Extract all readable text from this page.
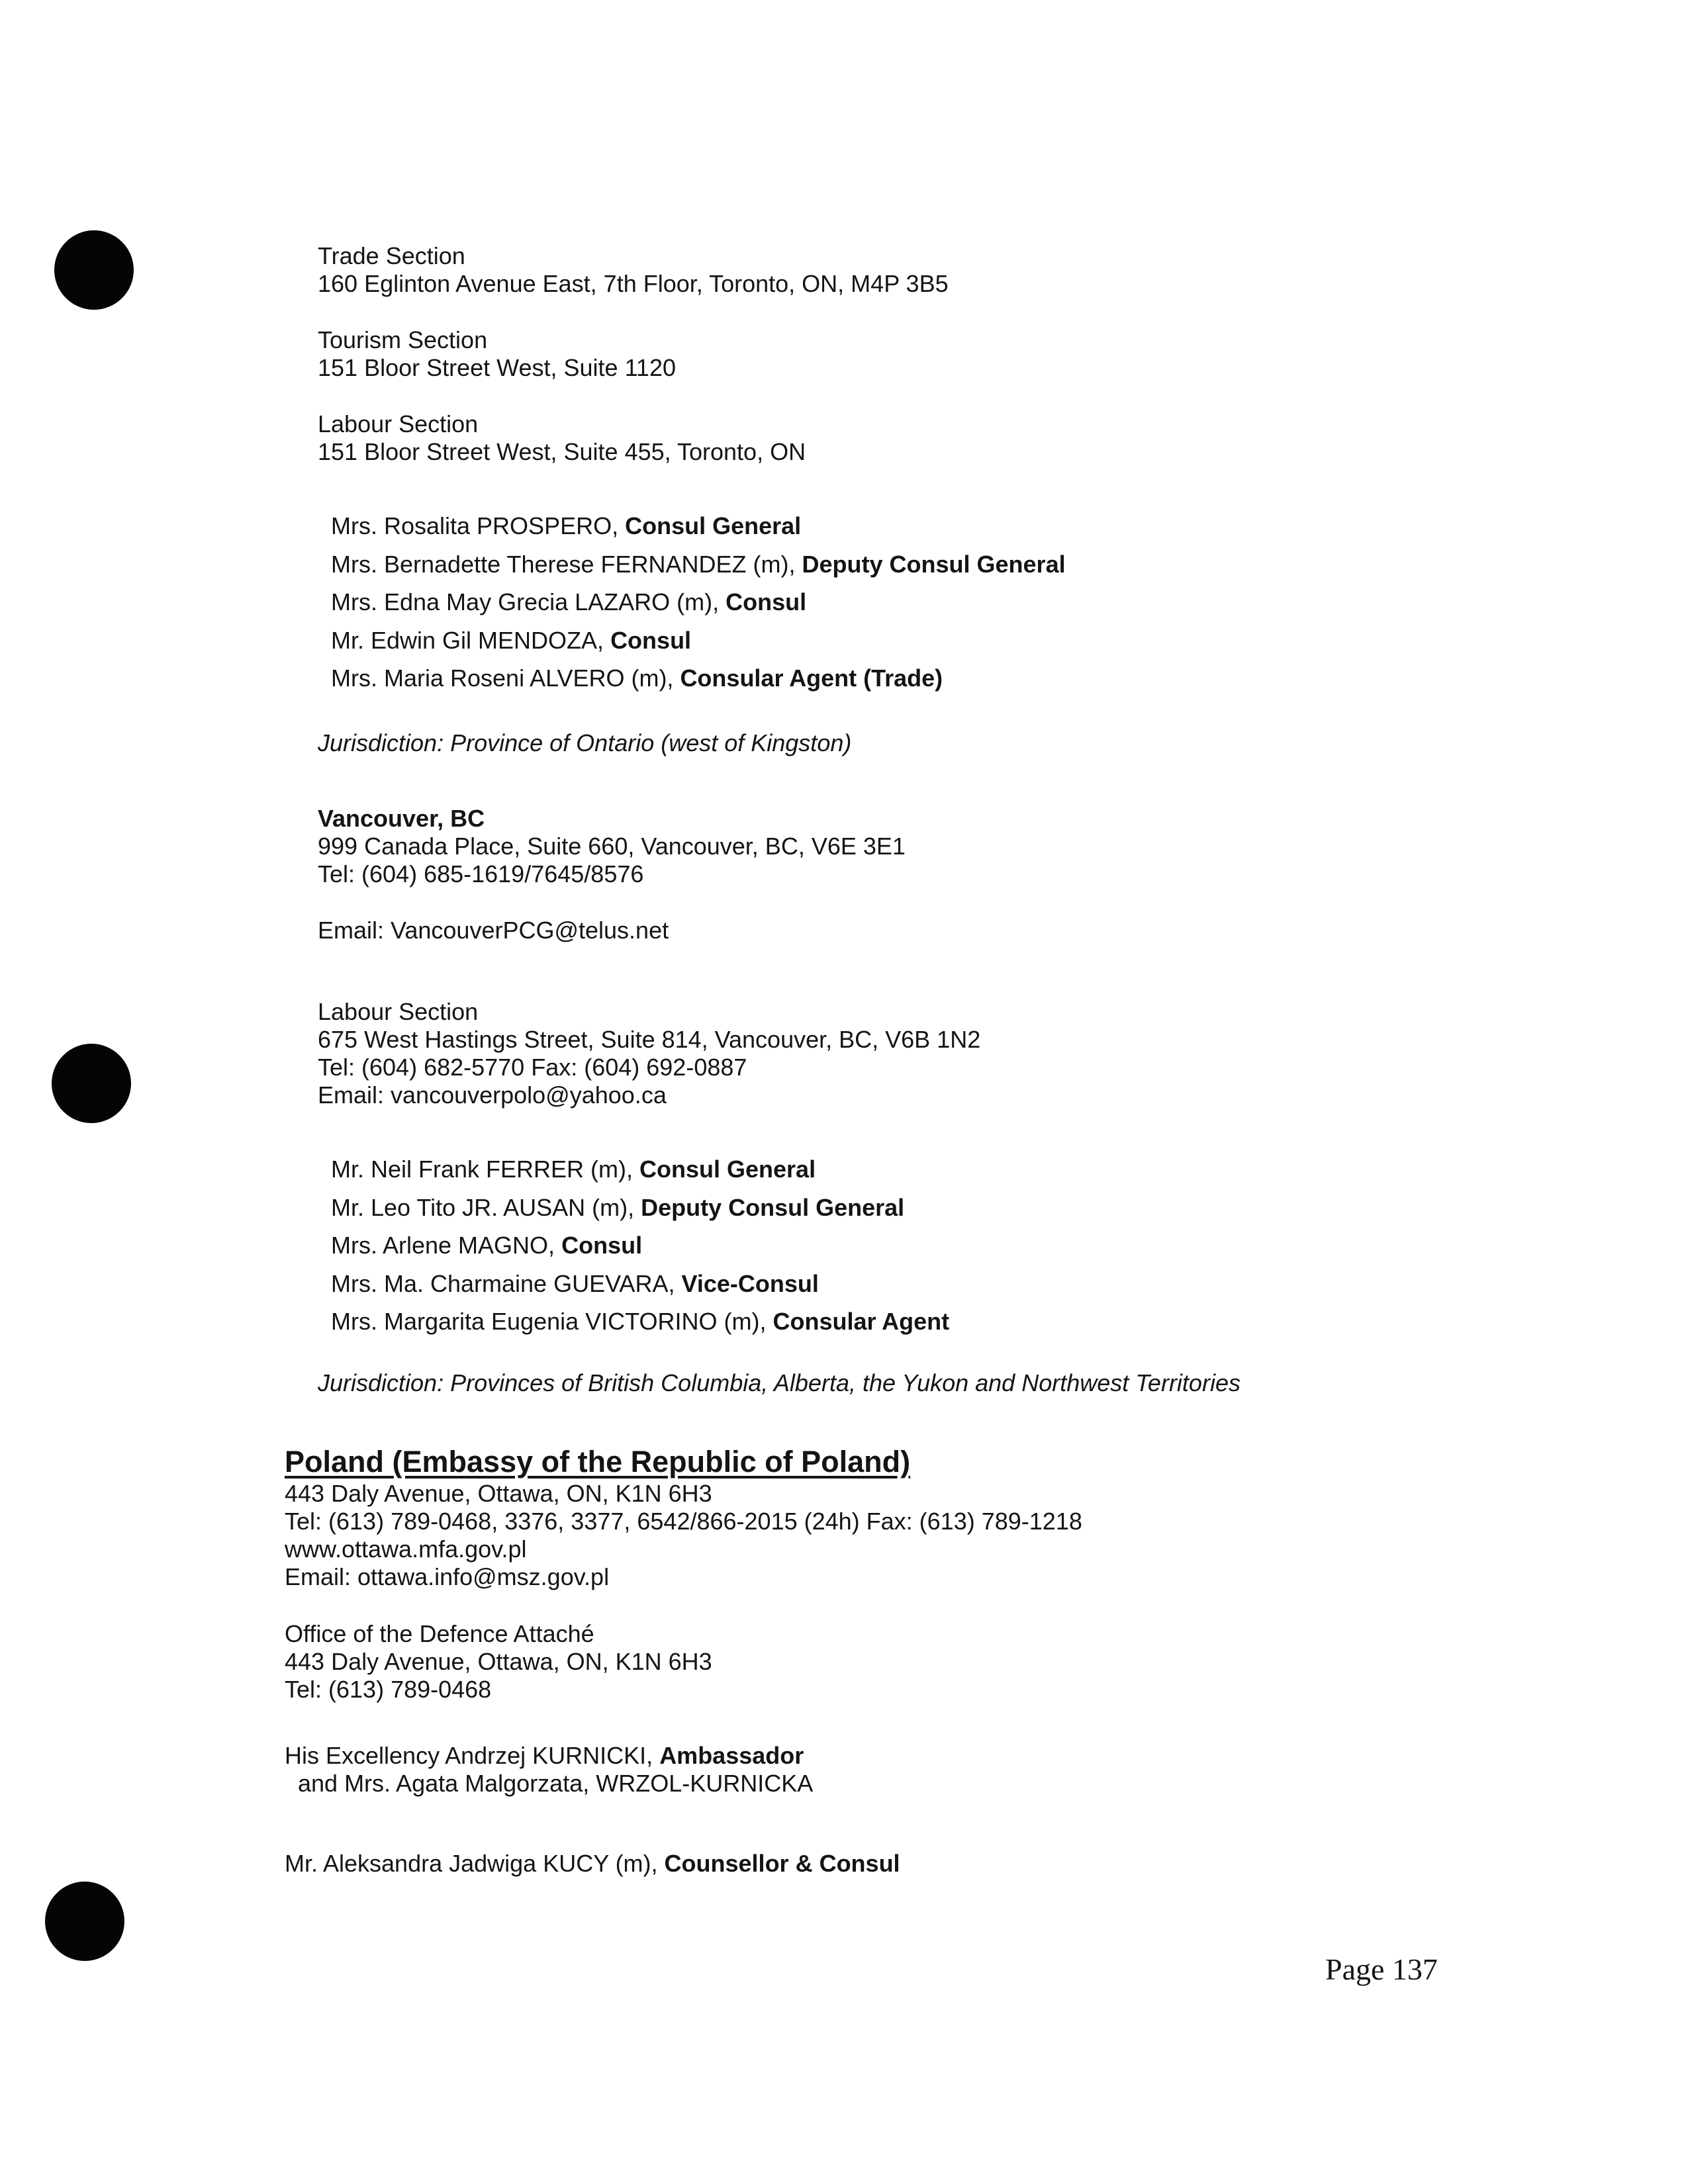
Trade Section
160 Eglinton Avenue East, 7th Floor, Toronto, ON, M4P 3B5
Tourism Section
151 Bloor Street West, Suite 1120
Labour Section
151 Bloor Street West, Suite 455, Toronto, ON
Mrs. Rosalita PROSPERO, Consul General
Mrs. Bernadette Therese FERNANDEZ (m), Deputy Consul General
Mrs. Edna May Grecia LAZARO (m), Consul
Mr. Edwin Gil MENDOZA, Consul
Mrs. Maria Roseni ALVERO (m), Consular Agent (Trade)
Jurisdiction: Province of Ontario (west of Kingston)
Vancouver, BC
999 Canada Place, Suite 660, Vancouver, BC, V6E 3E1
Tel: (604) 685-1619/7645/8576
Email: VancouverPCG@telus.net
Labour Section
675 West Hastings Street, Suite 814, Vancouver, BC, V6B 1N2
Tel: (604) 682-5770 Fax: (604) 692-0887
Email: vancouverpolo@yahoo.ca
Mr. Neil Frank FERRER (m), Consul General
Mr. Leo Tito JR. AUSAN (m), Deputy Consul General
Mrs. Arlene MAGNO, Consul
Mrs. Ma. Charmaine GUEVARA, Vice-Consul
Mrs. Margarita Eugenia VICTORINO (m), Consular Agent
Jurisdiction: Provinces of British Columbia, Alberta, the Yukon and Northwest Territories
Poland (Embassy of the Republic of Poland)
443 Daly Avenue, Ottawa, ON, K1N 6H3
Tel: (613) 789-0468, 3376, 3377, 6542/866-2015 (24h) Fax: (613) 789-1218
www.ottawa.mfa.gov.pl
Email: ottawa.info@msz.gov.pl
Office of the Defence Attaché
443 Daly Avenue, Ottawa, ON, K1N 6H3
Tel: (613) 789-0468
His Excellency Andrzej KURNICKI, Ambassador
and Mrs. Agata Malgorzata, WRZOL-KURNICKA
Mr. Aleksandra Jadwiga KUCY (m), Counsellor & Consul
Page 137
